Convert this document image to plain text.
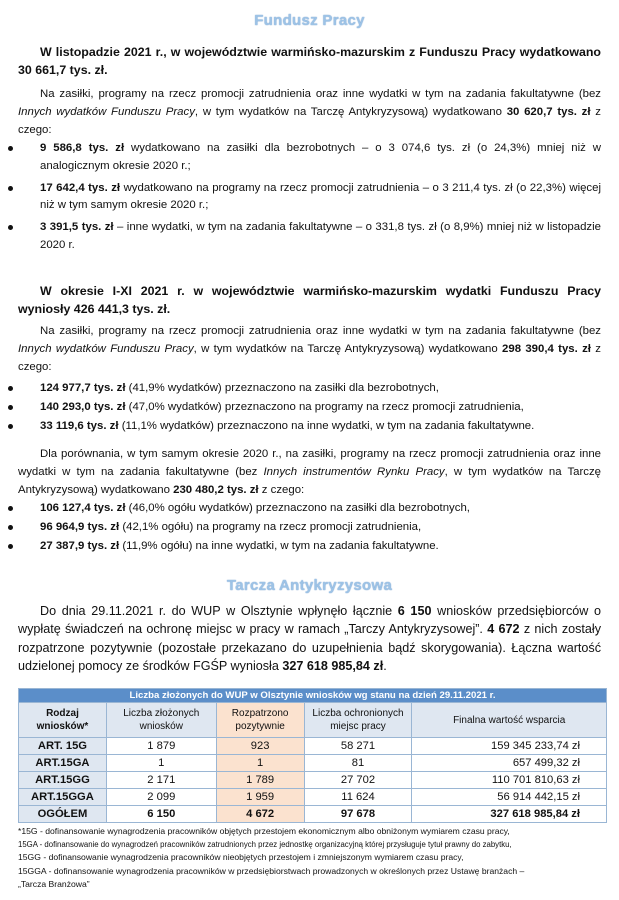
Fundusz Pracy

W listopadzie 2021 r., w województwie warmińsko-mazurskim z Funduszu Pracy wydatkowano 30 661,7 tys. zł.

Na zasiłki, programy na rzecz promocji zatrudnienia oraz inne wydatki w tym na zadania fakultatywne (bez Innych wydatków Funduszu Pracy, w tym wydatków na Tarczę Antykryzysową) wydatkowano 30 620,7 tys. zł z czego:

9 586,8 tys. zł wydatkowano na zasiłki dla bezrobotnych – o 3 074,6 tys. zł (o 24,3%) mniej niż w analogicznym okresie 2020 r.;
17 642,4 tys. zł wydatkowano na programy na rzecz promocji zatrudnienia – o 3 211,4 tys. zł (o 22,3%) więcej niż w tym samym okresie 2020 r.;
3 391,5 tys. zł – inne wydatki, w tym na zadania fakultatywne – o 331,8 tys. zł (o 8,9%) mniej niż w listopadzie 2020 r.

W okresie I-XI 2021 r. w województwie warmińsko-mazurskim wydatki Funduszu Pracy wyniosły 426 441,3 tys. zł.

Na zasiłki, programy na rzecz promocji zatrudnienia oraz inne wydatki w tym na zadania fakultatywne (bez Innych wydatków Funduszu Pracy, w tym wydatków na Tarczę Antykryzysową) wydatkowano 298 390,4 tys. zł z czego:

124 977,7 tys. zł (41,9% wydatków) przeznaczono na zasiłki dla bezrobotnych,
140 293,0 tys. zł (47,0% wydatków) przeznaczono na programy na rzecz promocji zatrudnienia,
33 119,6 tys. zł (11,1% wydatków) przeznaczono na inne wydatki, w tym na zadania fakultatywne.

Dla porównania, w tym samym okresie 2020 r., na zasiłki, programy na rzecz promocji zatrudnienia oraz inne wydatki w tym na zadania fakultatywne (bez Innych instrumentów Rynku Pracy, w tym wydatków na Tarczę Antykryzysową) wydatkowano 230 480,2 tys. zł z czego:

106 127,4 tys. zł (46,0% ogółu wydatków) przeznaczono na zasiłki dla bezrobotnych,
96 964,9 tys. zł (42,1% ogółu) na programy na rzecz promocji zatrudnienia,
27 387,9 tys. zł (11,9% ogółu) na inne wydatki, w tym na zadania fakultatywne.
Tarcza Antykryzysowa

Do dnia 29.11.2021 r. do WUP w Olsztynie wpłynęło łącznie 6 150 wniosków przedsiębiorców o wypłatę świadczeń na ochronę miejsc w pracy w ramach „Tarczy Antykryzysowej”. 4 672 z nich zostały rozpatrzone pozytywnie (pozostałe przekazano do uzupełnienia bądź skorygowania). Łączna wartość udzielonej pomocy ze środków FGŚP wyniosła 327 618 985,84 zł.

Liczba złożonych do WUP w Olsztynie wniosków wg stanu na dzień 29.11.2021 r.				
Rodzaj wniosków*	Liczba złożonych wniosków	Rozpatrzono pozytywnie	Liczba ochronionych miejsc pracy	Finalna wartość wsparcia
ART. 15G	1 879	923	58 271	159 345 233,74 zł
ART.15GA	1	1	81	657 499,32 zł
ART.15GG	2 171	1 789	27 702	110 701 810,63 zł
ART.15GGA	2 099	1 959	11 624	56 914 442,15 zł
OGÓŁEM	6 150	4 672	97 678	327 618 985,84 zł
*15G - dofinansowanie wynagrodzenia pracowników objętych przestojem ekonomicznym albo obniżonym wymiarem czasu pracy,
15GA - dofinansowanie do wynagrodzeń pracowników zatrudnionych przez jednostkę organizacyjną której przysługuje tytuł prawny do zabytku,
15GG - dofinansowanie wynagrodzenia pracowników nieobjętych przestojem i zmniejszonym wymiarem czasu pracy,
15GGA - dofinansowanie wynagrodzenia pracowników w przedsiębiorstwach prowadzonych w określonych przez Ustawę branżach –
„Tarcza Branżowa”
